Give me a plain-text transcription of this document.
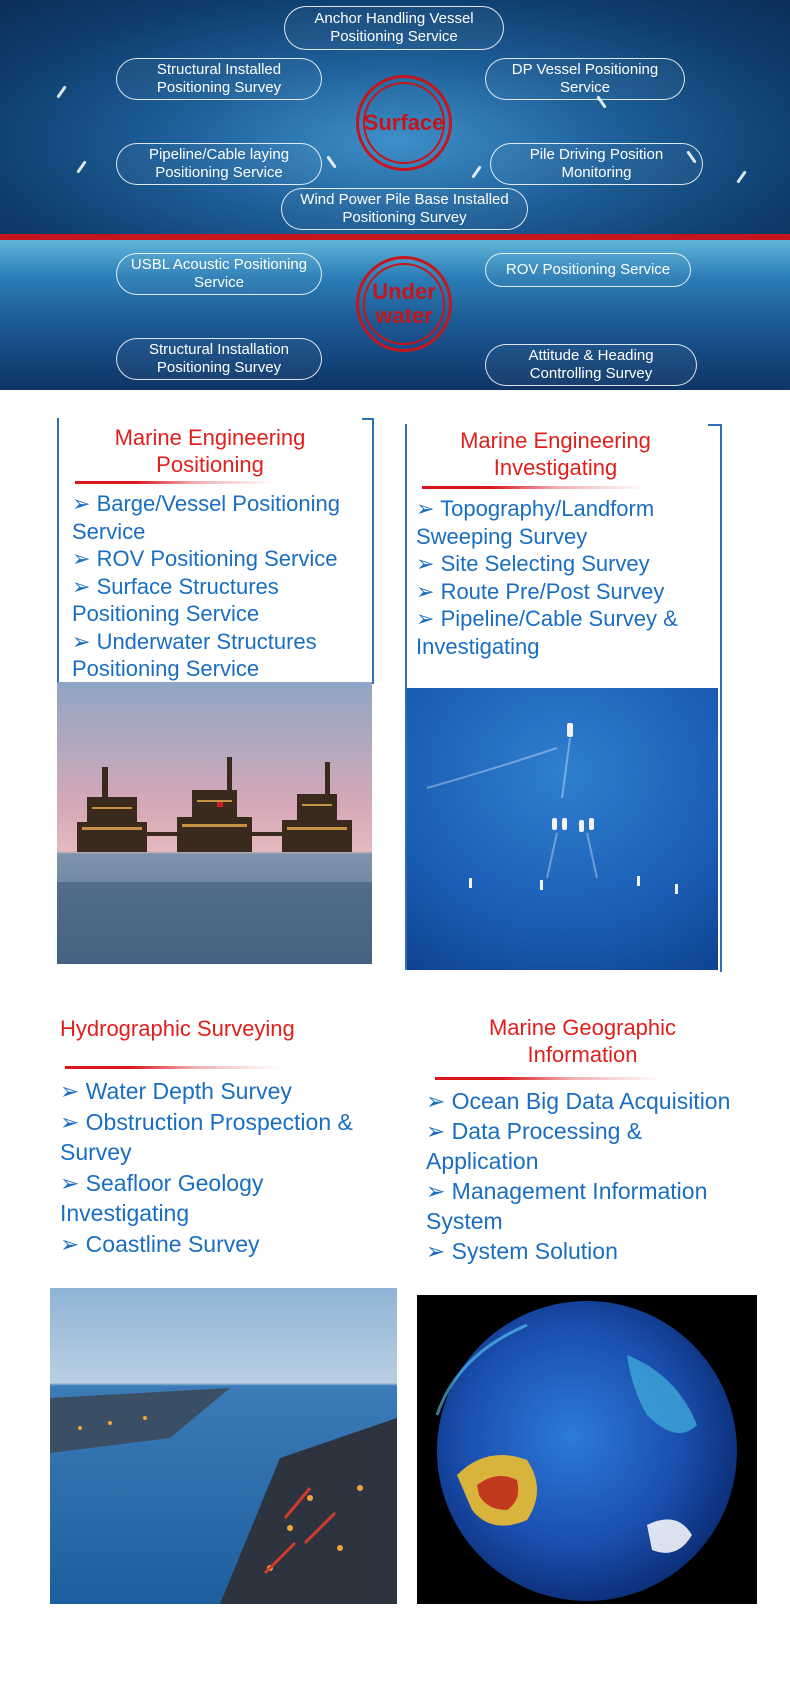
Anchor Handling Vessel Positioning Service
Structural Installed Positioning Survey
DP Vessel Positioning Service
Pipeline/Cable laying Positioning Service
Pile Driving Position Monitoring
Wind Power Pile Base Installed Positioning Survey
Surface
USBL Acoustic Positioning Service
ROV Positioning Service
Structural Installation Positioning Survey
Attitude & Heading Controlling Survey
Underwater
Marine Engineering Positioning
➢ Barge/Vessel Positioning Service
➢ ROV Positioning Service
➢ Surface Structures Positioning Service
➢ Underwater Structures Positioning Service
Marine Engineering Investigating
➢ Topography/Landform Sweeping Survey
➢ Site Selecting Survey
➢ Route Pre/Post Survey
➢ Pipeline/Cable Survey & Investigating
Hydrographic Surveying
➢ Water Depth Survey
➢ Obstruction Prospection & Survey
➢ Seafloor Geology Investigating
➢ Coastline Survey
Marine Geographic Information
➢ Ocean Big Data Acquisition
➢ Data Processing & Application
➢ Management Information System
➢ System Solution
